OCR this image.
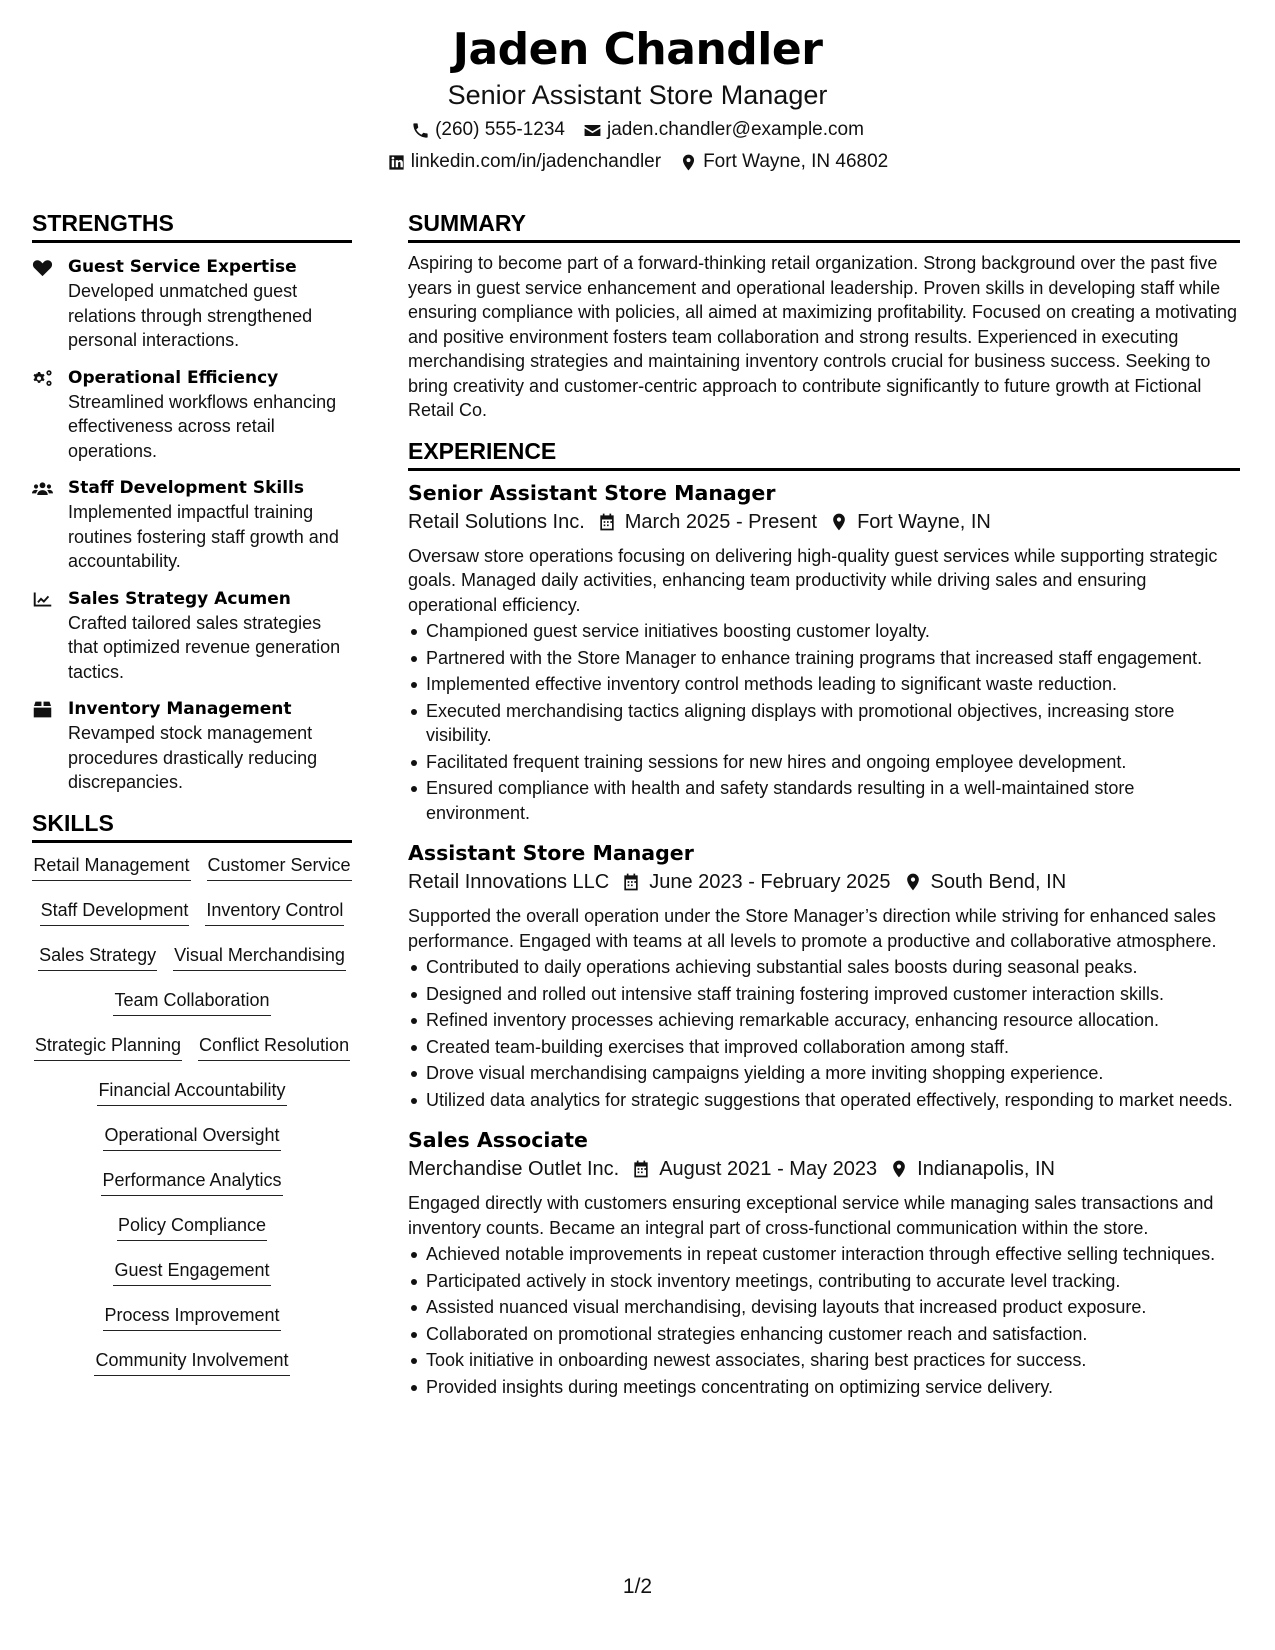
Jaden Chandler
Senior Assistant Store Manager
(260) 555-1234 jaden.chandler@example.com
linkedin.com/in/jadenchandler Fort Wayne, IN 46802
STRENGTHS
Guest Service Expertise
Developed unmatched guest relations through strengthened personal interactions.
Operational Efficiency
Streamlined workflows enhancing effectiveness across retail operations.
Staff Development Skills
Implemented impactful training routines fostering staff growth and accountability.
Sales Strategy Acumen
Crafted tailored sales strategies that optimized revenue generation tactics.
Inventory Management
Revamped stock management procedures drastically reducing discrepancies.
SKILLS
Retail Management Customer Service
Staff Development Inventory Control
Sales Strategy Visual Merchandising
Team Collaboration
Strategic Planning Conflict Resolution
Financial Accountability
Operational Oversight
Performance Analytics
Policy Compliance
Guest Engagement
Process Improvement
Community Involvement
SUMMARY
Aspiring to become part of a forward-thinking retail organization. Strong background over the past five years in guest service enhancement and operational leadership. Proven skills in developing staff while ensuring compliance with policies, all aimed at maximizing profitability. Focused on creating a motivating and positive environment fosters team collaboration and strong results. Experienced in executing merchandising strategies and maintaining inventory controls crucial for business success. Seeking to bring creativity and customer-centric approach to contribute significantly to future growth at Fictional Retail Co.
EXPERIENCE
Senior Assistant Store Manager
Retail Solutions Inc. March 2025 - Present Fort Wayne, IN
Oversaw store operations focusing on delivering high-quality guest services while supporting strategic goals. Managed daily activities, enhancing team productivity while driving sales and ensuring operational efficiency.
Championed guest service initiatives boosting customer loyalty.
Partnered with the Store Manager to enhance training programs that increased staff engagement.
Implemented effective inventory control methods leading to significant waste reduction.
Executed merchandising tactics aligning displays with promotional objectives, increasing store visibility.
Facilitated frequent training sessions for new hires and ongoing employee development.
Ensured compliance with health and safety standards resulting in a well-maintained store environment.
Assistant Store Manager
Retail Innovations LLC June 2023 - February 2025 South Bend, IN
Supported the overall operation under the Store Manager’s direction while striving for enhanced sales performance. Engaged with teams at all levels to promote a productive and collaborative atmosphere.
Contributed to daily operations achieving substantial sales boosts during seasonal peaks.
Designed and rolled out intensive staff training fostering improved customer interaction skills.
Refined inventory processes achieving remarkable accuracy, enhancing resource allocation.
Created team-building exercises that improved collaboration among staff.
Drove visual merchandising campaigns yielding a more inviting shopping experience.
Utilized data analytics for strategic suggestions that operated effectively, responding to market needs.
Sales Associate
Merchandise Outlet Inc. August 2021 - May 2023 Indianapolis, IN
Engaged directly with customers ensuring exceptional service while managing sales transactions and inventory counts. Became an integral part of cross-functional communication within the store.
Achieved notable improvements in repeat customer interaction through effective selling techniques.
Participated actively in stock inventory meetings, contributing to accurate level tracking.
Assisted nuanced visual merchandising, devising layouts that increased product exposure.
Collaborated on promotional strategies enhancing customer reach and satisfaction.
Took initiative in onboarding newest associates, sharing best practices for success.
Provided insights during meetings concentrating on optimizing service delivery.
1/2
